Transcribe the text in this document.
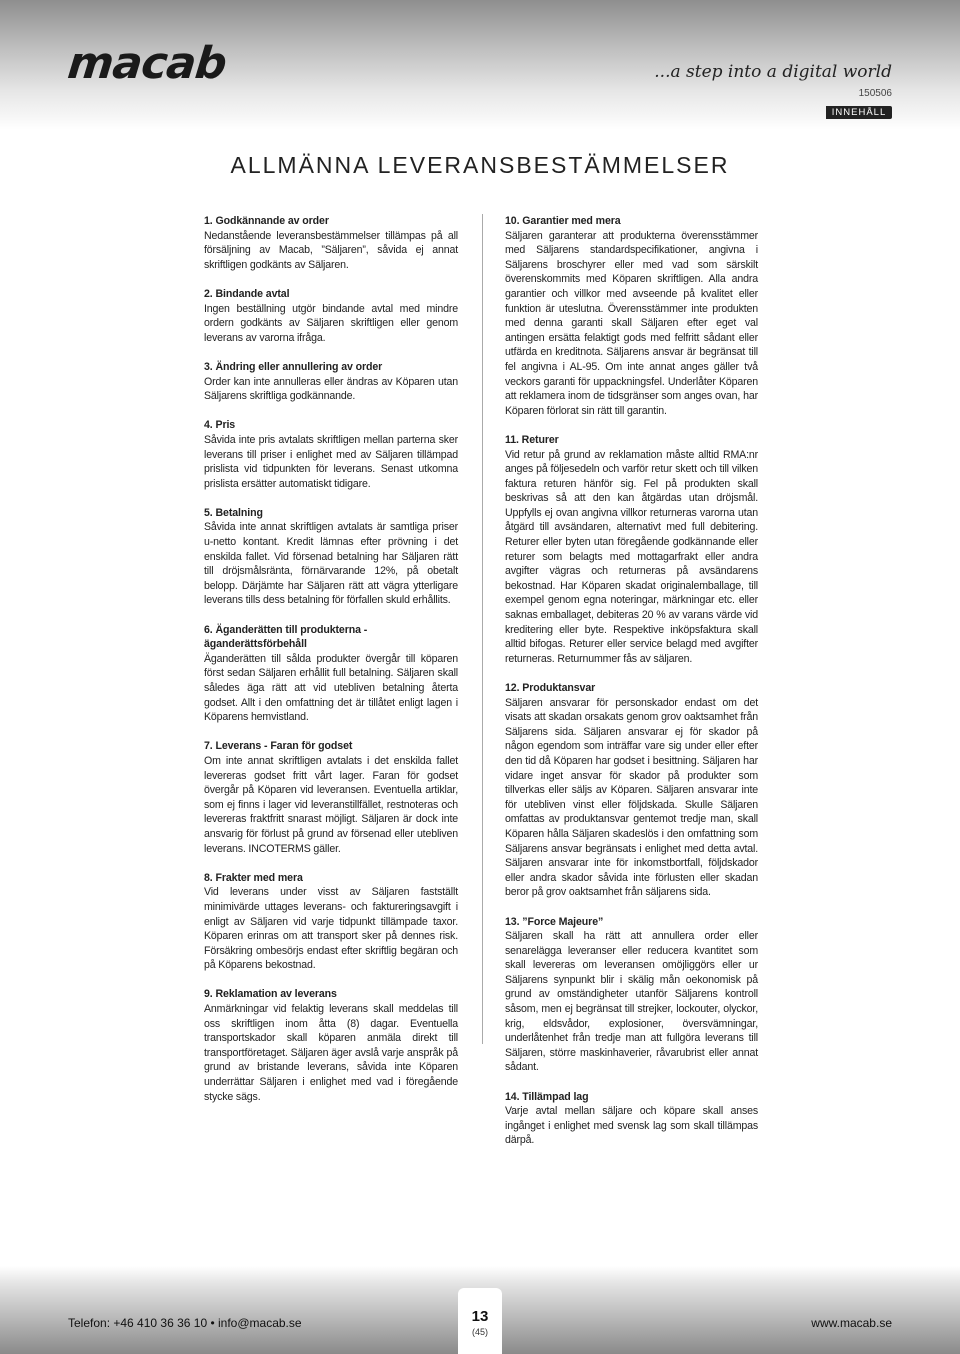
macab	...a step into a digital world
150506
INNEHÅLL
ALLMÄNNA LEVERANSBESTÄMMELSER
1. Godkännande av order
Nedanstående leveransbestämmelser tillämpas på all försäljning av Macab, ”Säljaren”, såvida ej annat skriftligen godkänts av Säljaren.
2. Bindande avtal
Ingen beställning utgör bindande avtal med mindre ordern godkänts av Säljaren skriftligen eller genom leverans av varorna ifråga.
3. Ändring eller annullering av order
Order kan inte annulleras eller ändras av Köparen utan Säljarens skriftliga godkännande.
4. Pris
Såvida inte pris avtalats skriftligen mellan parterna sker leverans till priser i enlighet med av Säljaren tillämpad prislista vid tidpunkten för leverans. Senast utkomna prislista ersätter automatiskt tidigare.
5. Betalning
Såvida inte annat skriftligen avtalats är samtliga priser u-netto kontant. Kredit lämnas efter prövning i det enskilda fallet. Vid försenad betalning har Säljaren rätt till dröjsmålsränta, förnärvarande 12%, på obetalt belopp. Därjämte har Säljaren rätt att vägra ytterligare leverans tills dess betalning för förfallen skuld erhållits.
6. Äganderätten till produkterna - äganderättsförbehåll
Äganderätten till sålda produkter övergår till köparen först sedan Säljaren erhållit full betalning. Säljaren skall således äga rätt att vid utebliven betalning återta godset. Allt i den omfattning det är tillåtet enligt lagen i Köparens hemvistland.
7. Leverans - Faran för godset
Om inte annat skriftligen avtalats i det enskilda fallet levereras godset fritt vårt lager. Faran för godset övergår på Köparen vid leveransen. Eventuella artiklar, som ej finns i lager vid leveranstillfället, restnoteras och levereras fraktfritt snarast möjligt. Säljaren är dock inte ansvarig för förlust på grund av försenad eller utebliven leverans. INCOTERMS gäller.
8. Frakter med mera
Vid leverans under visst av Säljaren fastställt minimivärde uttages leverans- och faktureringsavgift i enligt av Säljaren vid varje tidpunkt tillämpade taxor. Köparen erinras om att transport sker på dennes risk. Försäkring ombesörjs endast efter skriftlig begäran och på Köparens bekostnad.
9. Reklamation av leverans
Anmärkningar vid felaktig leverans skall meddelas till oss skriftligen inom åtta (8) dagar. Eventuella transportskador skall köparen anmäla direkt till transportföretaget. Säljaren äger avslå varje anspråk på grund av bristande leverans, såvida inte Köparen underrättar Säljaren i enlighet med vad i föregående stycke sägs.
10. Garantier med mera
Säljaren garanterar att produkterna överensstämmer med Säljarens standardspecifikationer, angivna i Säljarens broschyrer eller med vad som särskilt överenskommits med Köparen skriftligen. Alla andra garantier och villkor med avseende på kvalitet eller funktion är uteslutna. Överensstämmer inte produkten med denna garanti skall Säljaren efter eget val antingen ersätta felaktigt gods med felfritt sådant eller utfärda en kreditnota. Säljarens ansvar är begränsat till fel angivna i AL-95. Om inte annat anges gäller två veckors garanti för uppackningsfel. Underlåter Köparen att reklamera inom de tidsgränser som anges ovan, har Köparen förlorat sin rätt till garantin.
11. Returer
Vid retur på grund av reklamation måste alltid RMA:nr anges på följesedeln och varför retur skett och till vilken faktura returen hänför sig. Fel på produkten skall beskrivas så att den kan åtgärdas utan dröjsmål. Uppfylls ej ovan angivna villkor returneras varorna utan åtgärd till avsändaren, alternativt med full debitering. Returer eller byten utan föregående godkännande eller returer som belagts med mottagarfrakt eller andra avgifter vägras och returneras på avsändarens bekostnad. Har Köparen skadat originalemballage, till exempel genom egna noteringar, märkningar etc. eller saknas emballaget, debiteras 20 % av varans värde vid kreditering eller byte. Respektive inköpsfaktura skall alltid bifogas. Returer eller service belagd med avgifter returneras. Returnummer fås av säljaren.
12. Produktansvar
Säljaren ansvarar för personskador endast om det visats att skadan orsakats genom grov oaktsamhet från Säljarens sida. Säljaren ansvarar ej för skador på någon egendom som inträffar vare sig under eller efter den tid då Köparen har godset i besittning. Säljaren har vidare inget ansvar för skador på produkter som tillverkas eller säljs av Köparen. Säljaren ansvarar inte för utebliven vinst eller följdskada. Skulle Säljaren omfattas av produktansvar gentemot tredje man, skall Köparen hålla Säljaren skadeslös i den omfattning som Säljarens ansvar begränsats i enlighet med detta avtal. Säljaren ansvarar inte för inkomstbortfall, följdskador eller andra skador såvida inte förlusten eller skadan beror på grov oaktsamhet från säljarens sida.
13. ”Force Majeure”
Säljaren skall ha rätt att annullera order eller senarelägga leveranser eller reducera kvantitet som skall levereras om leveransen omöjliggörs eller ur Säljarens synpunkt blir i skälig mån oekonomisk på grund av omständigheter utanför Säljarens kontroll såsom, men ej begränsat till strejker, lockouter, olyckor, krig, eldsvådor, explosioner, översvämningar, underlåtenhet från tredje man att fullgöra leverans till Säljaren, större maskinhaverier, råvarubrist eller annat sådant.
14. Tillämpad lag
Varje avtal mellan säljare och köpare skall anses ingånget i enlighet med svensk lag som skall tillämpas därpå.
Telefon: +46 410 36 36 10 • info@macab.se	13
(45)
www.macab.se
